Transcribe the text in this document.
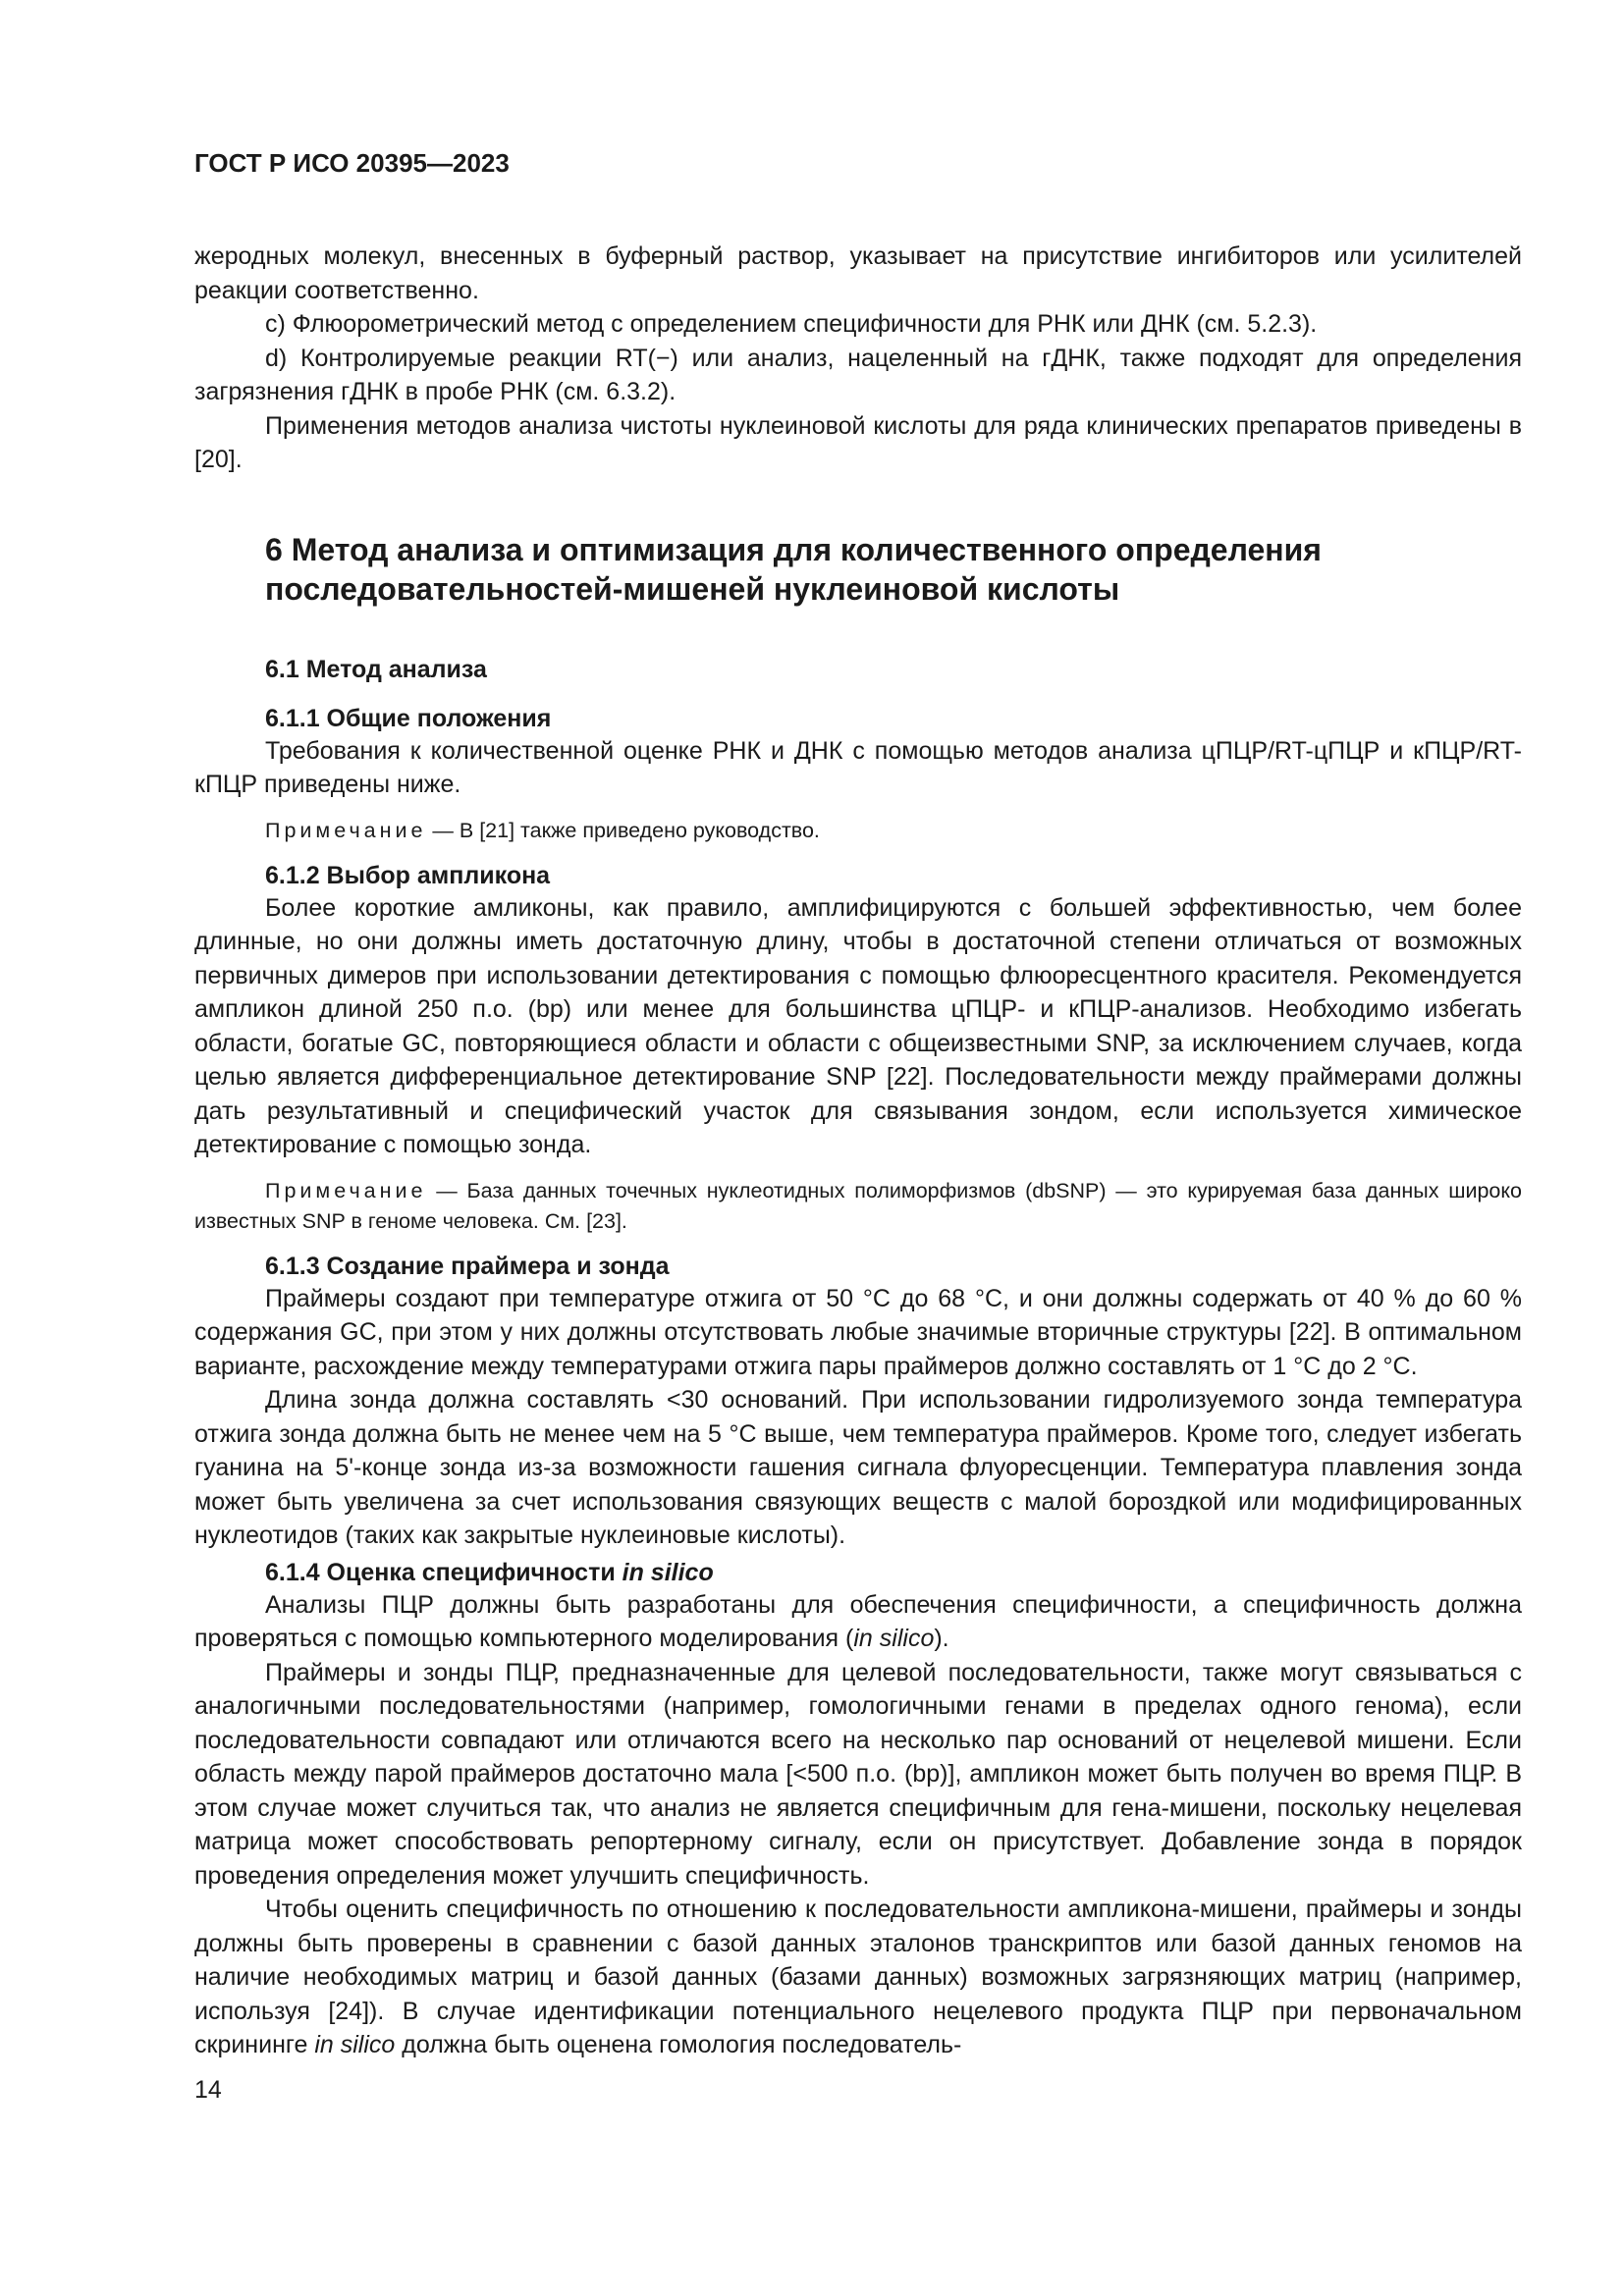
ГОСТ Р ИСО 20395—2023

жеродных молекул, внесенных в буферный раствор, указывает на присутствие ингибиторов или усилителей реакции соответственно.

c) Флюорометрический метод с определением специфичности для РНК или ДНК (см. 5.2.3).

d) Контролируемые реакции RT(−) или анализ, нацеленный на гДНК, также подходят для определения загрязнения гДНК в пробе РНК (см. 6.3.2).

Применения методов анализа чистоты нуклеиновой кислоты для ряда клинических препаратов приведены в [20].

6 Метод анализа и оптимизация для количественного определения
последовательностей-мишеней нуклеиновой кислоты
6.1 Метод анализа
6.1.1 Общие положения

Требования к количественной оценке РНК и ДНК с помощью методов анализа цПЦР/RT-цПЦР и кПЦР/RT-кПЦР приведены ниже.

Примечание — В [21] также приведено руководство.
6.1.2 Выбор ампликона

Более короткие амликоны, как правило, амплифицируются с большей эффективностью, чем более длинные, но они должны иметь достаточную длину, чтобы в достаточной степени отличаться от возможных первичных димеров при использовании детектирования с помощью флюоресцентного красителя. Рекомендуется ампликон длиной 250 п.о. (bp) или менее для большинства цПЦР- и кПЦР-анализов. Необходимо избегать области, богатые GC, повторяющиеся области и области с общеизвестными SNP, за исключением случаев, когда целью является дифференциальное детектирование SNP [22]. Последовательности между праймерами должны дать результативный и специфический участок для связывания зондом, если используется химическое детектирование с помощью зонда.

Примечание — База данных точечных нуклеотидных полиморфизмов (dbSNP) — это курируемая база данных широко известных SNP в геноме человека. См. [23].
6.1.3 Создание праймера и зонда

Праймеры создают при температуре отжига от 50 °С до 68 °С, и они должны содержать от 40 % до 60 % содержания GC, при этом у них должны отсутствовать любые значимые вторичные структуры [22]. В оптимальном варианте, расхождение между температурами отжига пары праймеров должно составлять от 1 °С до 2 °С.

Длина зонда должна составлять <30 оснований. При использовании гидролизуемого зонда температура отжига зонда должна быть не менее чем на 5 °С выше, чем температура праймеров. Кроме того, следует избегать гуанина на 5'-конце зонда из-за возможности гашения сигнала флуоресценции. Температура плавления зонда может быть увеличена за счет использования связующих веществ с малой бороздкой или модифицированных нуклеотидов (таких как закрытые нуклеиновые кислоты).

6.1.4 Оценка специфичности in silico

Анализы ПЦР должны быть разработаны для обеспечения специфичности, а специфичность должна проверяться с помощью компьютерного моделирования (in silico).

Праймеры и зонды ПЦР, предназначенные для целевой последовательности, также могут связываться с аналогичными последовательностями (например, гомологичными генами в пределах одного генома), если последовательности совпадают или отличаются всего на несколько пар оснований от нецелевой мишени. Если область между парой праймеров достаточно мала [<500 п.о. (bp)], ампликон может быть получен во время ПЦР. В этом случае может случиться так, что анализ не является специфичным для гена-мишени, поскольку нецелевая матрица может способствовать репортерному сигналу, если он присутствует. Добавление зонда в порядок проведения определения может улучшить специфичность.

Чтобы оценить специфичность по отношению к последовательности ампликона-мишени, праймеры и зонды должны быть проверены в сравнении с базой данных эталонов транскриптов или базой данных геномов на наличие необходимых матриц и базой данных (базами данных) возможных загрязняющих матриц (например, используя [24]). В случае идентификации потенциального нецелевого продукта ПЦР при первоначальном скрининге in silico должна быть оценена гомология последователь-

14
